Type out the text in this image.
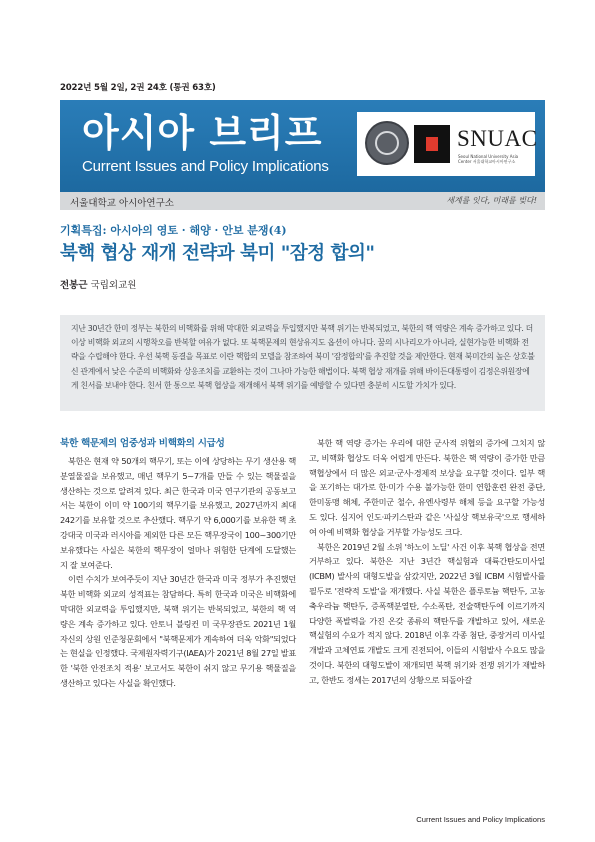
2022년 5월 2일, 2권 24호 (통권 63호)
아시아 브리프
Current Issues and Policy Implications
SNUAC
Seoul National University Asia Center 서울대학교아시아연구소
서울대학교 아시아연구소	세계를 잇다, 미래를 빚다!
기획특집: 아시아의 영토 · 해양 · 안보 분쟁(4)
북핵 협상 재개 전략과 북미 "잠정 합의"
전봉근 국립외교원
지난 30년간 한미 정부는 북한의 비핵화를 위해 막대한 외교력을 투입했지만 북핵 위기는 반복되었고, 북한의 핵 역량은 계속 증가하고 있다. 더 이상 비핵화 외교의 시행착오를 반복할 여유가 없다. 또 북핵문제의 현상유지도 옵션이 아니다. 꿈의 시나리오가 아니라, 실현가능한 비핵화 전략을 수립해야 한다. 우선 북핵 동결을 목표로 이란 핵합의 모델을 참조하여 북미 '잠정합의'를 추진할 것을 제안한다. 현재 북미간의 높은 상호불신 관계에서 낮은 수준의 비핵화와 상응조치를 교환하는 것이 그나마 가능한 해법이다. 북핵 협상 재개를 위해 바이든대통령이 김정은위원장에게 친서를 보내야 한다. 친서 한 통으로 북핵 협상을 재개해서 북핵 위기를 예방할 수 있다면 충분히 시도할 가치가 있다.
북한 핵문제의 엄중성과 비핵화의 시급성

북한은 현재 약 50개의 핵무기, 또는 이에 상당하는 무기 생산용 핵분열물질을 보유했고, 매년 핵무기 5~7개를 만들 수 있는 핵물질을 생산하는 것으로 알려져 있다. 최근 한국과 미국 연구기관의 공동보고서는 북한이 이미 약 100기의 핵무기를 보유했고, 2027년까지 최대 242기를 보유할 것으로 추산했다. 핵무기 약 6,000기를 보유한 핵 초강대국 미국과 러시아를 제외한 다른 모든 핵무장국이 100~300기만 보유했다는 사실은 북한의 핵무장이 얼마나 위험한 단계에 도달했는지 잘 보여준다.

이런 수치가 보여주듯이 지난 30년간 한국과 미국 정부가 추진했던 북한 비핵화 외교의 성적표는 참담하다. 특히 한국과 미국은 비핵화에 막대한 외교력을 투입했지만, 북핵 위기는 반복되었고, 북한의 핵 역량은 계속 증가하고 있다. 안토니 블링컨 미 국무장관도 2021년 1월 자신의 상원 인준청문회에서 "북핵문제가 계속하여 더욱 악화"되었다는 현실을 인정했다. 국제원자력기구(IAEA)가 2021년 8월 27일 발표한 '북한 안전조치 적용' 보고서도 북한이 쉬지 않고 무기용 핵물질을 생산하고 있다는 사실을 확인했다.

북한 핵 역량 증가는 우리에 대한 군사적 위협의 증가에 그치지 않고, 비핵화 협상도 더욱 어렵게 만든다. 북한은 핵 역량이 증가한 만큼 핵협상에서 더 많은 외교·군사·경제적 보상을 요구할 것이다. 일부 핵을 포기하는 대가로 한·미가 수용 불가능한 한미 연합훈련 완전 중단, 한미동맹 해체, 주한미군 철수, 유엔사령부 해체 등을 요구할 가능성도 있다. 심지어 인도·파키스탄과 같은 '사실상 핵보유국'으로 행세하여 아예 비핵화 협상을 거부할 가능성도 크다.

북한은 2019년 2월 소위 '하노이 노딜' 사건 이후 북핵 협상을 전면 거부하고 있다. 북한은 지난 3년간 핵실험과 대륙간탄도미사일(ICBM) 발사의 대형도발을 삼갔지만, 2022년 3월 ICBM 시험발사를 필두로 '전략적 도발'을 재개했다. 사실 북한은 플루토늄 핵탄두, 고농축우라늄 핵탄두, 증폭핵분열탄, 수소폭탄, 전술핵탄두에 이르기까지 다양한 폭발력을 가진 온갖 종류의 핵탄두를 개발하고 있어, 새로운 핵실험의 수요가 적지 않다. 2018년 이후 각종 첨단, 중장거리 미사일 개발과 고체연료 개발도 크게 진전되어, 이들의 시험발사 수요도 많을 것이다. 북한의 대형도발이 재개되면 북핵 위기와 전쟁 위기가 재발하고, 한반도 정세는 2017년의 상황으로 되돌아갈

Current Issues and Policy Implications
